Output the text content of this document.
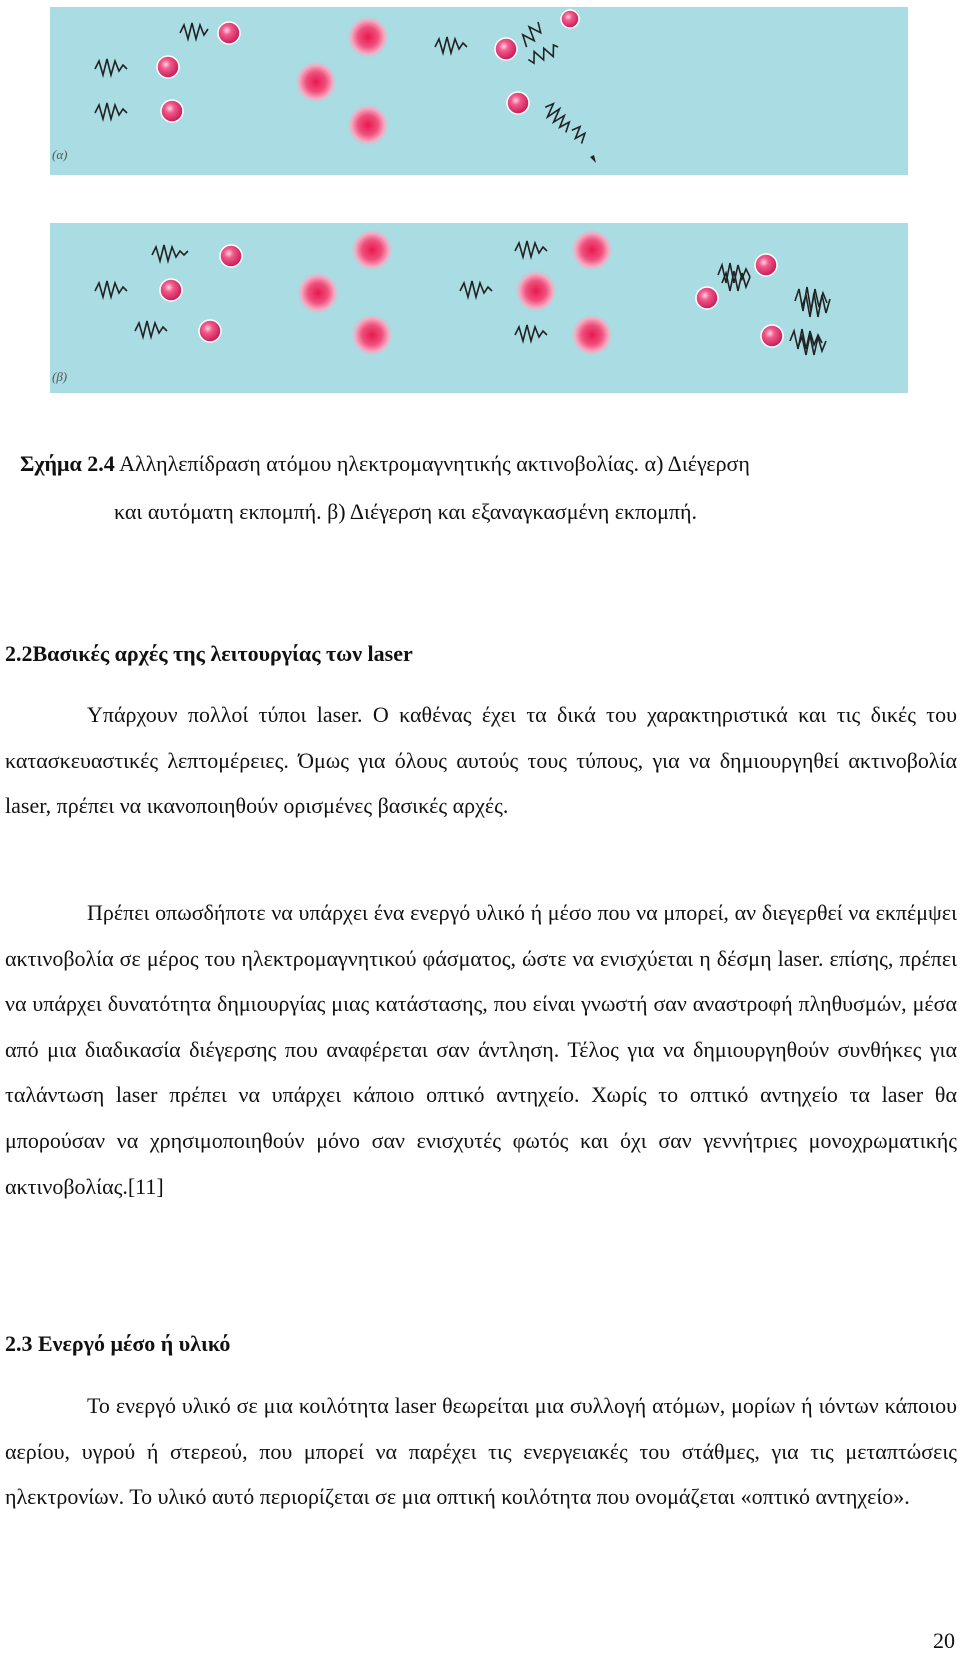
(α)
(β)
Σχήμα 2.4 Αλληλεπίδραση ατόμου ηλεκτρομαγνητικής ακτινοβολίας. α) Διέγερση
και αυτόματη εκπομπή. β) Διέγερση και εξαναγκασμένη εκπομπή.
2.2Βασικές αρχές της λειτουργίας των laser

Υπάρχουν πολλοί τύποι laser. Ο καθένας έχει τα δικά του χαρακτηριστικά και τις δικές του κατασκευαστικές λεπτομέρειες. Όμως για όλους αυτούς τους τύπους, για να δημιουργηθεί ακτινοβολία laser, πρέπει να ικανοποιηθούν ορισμένες βασικές αρχές.

Πρέπει οπωσδήποτε να υπάρχει ένα ενεργό υλικό ή μέσο που να μπορεί, αν διεγερθεί να εκπέμψει ακτινοβολία σε μέρος του ηλεκτρομαγνητικού φάσματος, ώστε να ενισχύεται η δέσμη laser. επίσης, πρέπει να υπάρχει δυνατότητα δημιουργίας μιας κατάστασης, που είναι γνωστή σαν αναστροφή πληθυσμών, μέσα από μια διαδικασία διέγερσης που αναφέρεται σαν άντληση. Τέλος για να δημιουργηθούν συνθήκες για ταλάντωση laser πρέπει να υπάρχει κάποιο οπτικό αντηχείο. Χωρίς το οπτικό αντηχείο τα laser θα μπορούσαν να χρησιμοποιηθούν μόνο σαν ενισχυτές φωτός και όχι σαν γεννήτριες μονοχρωματικής ακτινοβολίας.[11]

2.3 Ενεργό μέσο ή υλικό

Το ενεργό υλικό σε μια κοιλότητα laser θεωρείται μια συλλογή ατόμων, μορίων ή ιόντων κάποιου αερίου, υγρού ή στερεού, που μπορεί να παρέχει τις ενεργειακές του στάθμες, για τις μεταπτώσεις ηλεκτρονίων. Το υλικό αυτό περιορίζεται σε μια οπτική κοιλότητα που ονομάζεται «οπτικό αντηχείο».

20
